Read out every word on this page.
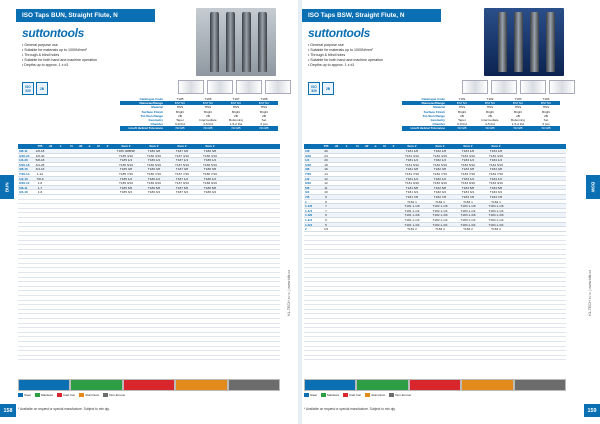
ISO Taps BUN, Straight Flute, N
suttontools
• General purpose use
• Suitable for materials up to 1000N/mm²
• Through & blind holes
• Suitable for both hand and machine operation
• Depths up to approx. 1 x d1
ISO 529	2B
Catalogue Code	T185	T186	T187	T188
Diameter/Range	BSTNU	BSTNU	BSTNU	BSTNU
Material	HSS	HSS	HSS	HSS
Surface Finish	Bright	Bright	Bright	Bright
Tol./Gen Range	2B	2B	2B	2B
Geometry	Taper	Intermediate	Bottoming	Set
Chamfer	6-8 thd	4-5 thd	1.5-2 thd	3 pcs
Lineft Helical Tolerance	ISO2B	ISO2B	ISO2B	ISO2B
Size Reg	TPI	d1	L	l1	d2	a	l2	#	Item #	Item #	Item #	Item #
3/8-11	1/8-18	T185 3/8BSP	T186 3/8	T187 3/8	T188 3/8
3/16-24	1/8-40	T185 3/16	T186 3/16	T187 3/16	T188 3/16
1/4-20	5/8-18	T185 1/4	T186 1/4	T187 1/4	T188 1/4
5/16-18	3/4-26	T185 5/16	T186 5/16	T187 5/16	T188 5/16
3/8-16	3/4-16	T185 3/8	T186 3/8	T187 3/8	T188 3/8
7/16-14	1-12	T185 7/16	T186 7/16	T187 7/16	T188 7/16
1/2-13	7/8-9	T185 1/2	T186 1/2	T187 1/2	T188 1/2
9/16-12	1-8	T185 9/16	T186 9/16	T187 9/16	T188 9/16
5/8-11	1-7	T185 5/8	T186 5/8	T187 5/8	T188 5/8
3/4-10	1-6	T185 3/4	T186 3/4	T187 3/4	T188 3/4
BUN
KL-TECH s.r.o. | www.kltk.cz
Steel	Stainless	Cast Iron	Aluminium	Non-ferrous
* Available on request or special manufacture. Subject to min qty.
158
ISO Taps BSW, Straight Flute, N
suttontools
• General purpose use
• Suitable for materials up to 1000N/mm²
• Through & blind holes
• Suitable for both hand and machine operation
• Depths up to approx. 1 x d1
ISO 529	2B
Catalogue Code	T181	T182	T183	T184
Diameter/Range	BSTNU	BSTNU	BSTNU	BSTNU
Material	HSS	HSS	HSS	HSS
Surface Finish	Bright	Bright	Bright	Bright
Tol./Gen Range	2B	2B	2B	2B
Geometry	Taper	Intermediate	Bottoming	Set
Chamfer	6-8 thd	4-5 thd	1.5-2 thd	3 pcs
Lineft Helical Tolerance	ISO2B	ISO2B	ISO2B	ISO2B
Size Reg	TPI	d1	L	l1	d2	a	l2	#	Item #	Item #	Item #	Item #
1/8	40	T181 1/8	T182 1/8	T183 1/8	T184 1/8
3/16	24	T181 3/16	T182 3/16	T183 3/16	T184 3/16
1/4	20	T181 1/4	T182 1/4	T183 1/4	T184 1/4
5/16	18	T181 5/16	T182 5/16	T183 5/16	T184 5/16
3/8	16	T181 3/8	T182 3/8	T183 3/8	T184 3/8
7/16	14	T181 7/16	T182 7/16	T183 7/16	T184 7/16
1/2	12	T181 1/2	T182 1/2	T183 1/2	T184 1/2
9/16	12	T181 9/16	T182 9/16	T183 9/16	T184 9/16
5/8	11	T181 5/8	T182 5/8	T183 5/8	T184 5/8
3/4	10	T181 3/4	T182 3/4	T183 3/4	T184 3/4
7/8	9	T181 7/8	T182 7/8	T183 7/8	T184 7/8
1	8	T181 1	T182 1	T183 1	T184 1
1-1/8	7	T181 1-1/8	T182 1-1/8	T183 1-1/8	T184 1-1/8
1-1/4	7	T181 1-1/4	T182 1-1/4	T183 1-1/4	T184 1-1/4
1-3/8	6	T181 1-3/8	T182 1-3/8	T183 1-3/8	T184 1-3/8
1-1/2	6	T181 1-1/2	T182 1-1/2	T183 1-1/2	T184 1-1/2
1-3/4	5	T181 1-3/4	T182 1-3/4	T183 1-3/4	T184 1-3/4
2	4.5	T181 2	T182 2	T183 2	T184 2
BSW
KL-TECH s.r.o. | www.kltk.cz
Steel	Stainless	Cast Iron	Aluminium	Non-ferrous
* Available on request or special manufacture. Subject to min qty.	159
